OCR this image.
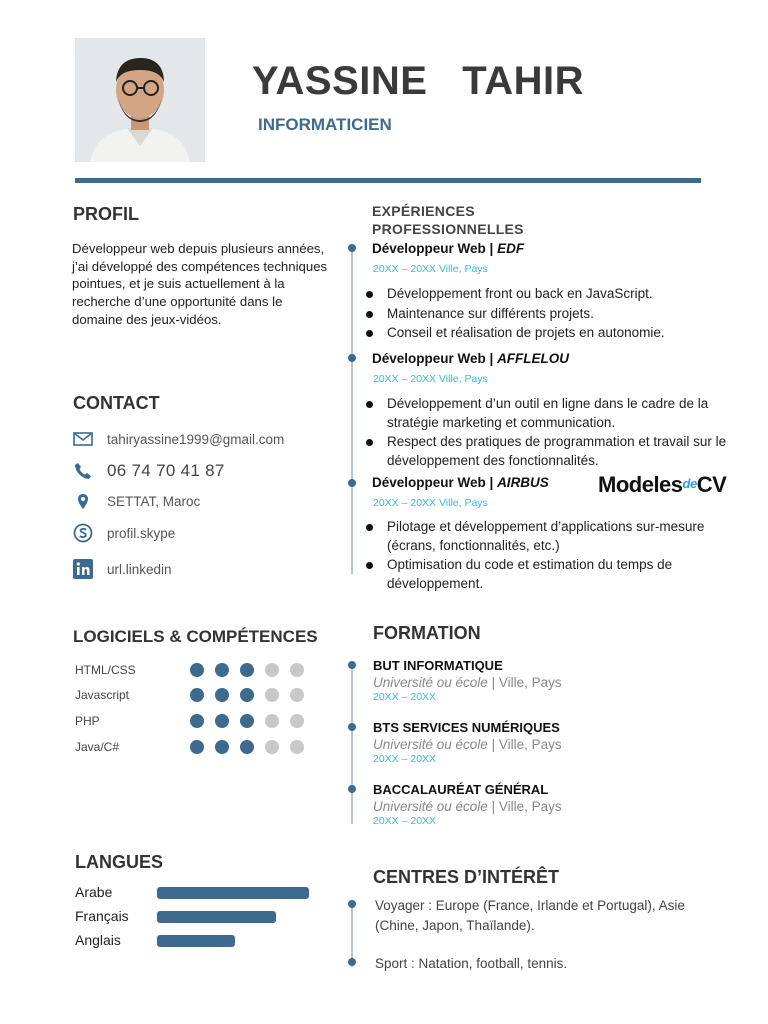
YASSINE   TAHIR
INFORMATICIEN
PROFIL
Développeur web depuis plusieurs années, j’ai développé des compétences techniques pointues, et je suis actuellement à la recherche d’une opportunité dans le domaine des jeux-vidéos.
CONTACT
tahiryassine1999@gmail.com
06 74 70 41 87
SETTAT, Maroc
profil.skype
url.linkedin
LOGICIELS & COMPÉTENCES
HTML/CSS
Javascript
PHP
Java/C#
LANGUES
Arabe
Français
Anglais
EXPÉRIENCES PROFESSIONNELLES
Développeur Web | EDF
20XX – 20XX Ville, Pays
Développement front ou back en JavaScript.
Maintenance sur différents projets.
Conseil et réalisation de projets en autonomie.
Développeur Web | AFFLELOU
20XX – 20XX Ville, Pays
Développement d’un outil en ligne dans le cadre de la stratégie marketing et communication.
Respect des pratiques de programmation et travail sur le développement des fonctionnalités.
Développeur Web | AIRBUS
20XX – 20XX Ville, Pays
Pilotage et développement d’applications sur-mesure (écrans, fonctionnalités, etc.)
Optimisation du code et estimation du temps de développement.
ModelesdeCV
FORMATION
BUT INFORMATIQUE
Université ou école | Ville, Pays
20XX – 20XX
BTS SERVICES NUMÉRIQUES
Université ou école | Ville, Pays
20XX – 20XX
BACCALAURÉAT GÉNÉRAL
Université ou école | Ville, Pays
20XX – 20XX
CENTRES D’INTÉRÊT
Voyager : Europe (France, Irlande et Portugal), Asie (Chine, Japon, Thaïlande).
Sport : Natation, football, tennis.
